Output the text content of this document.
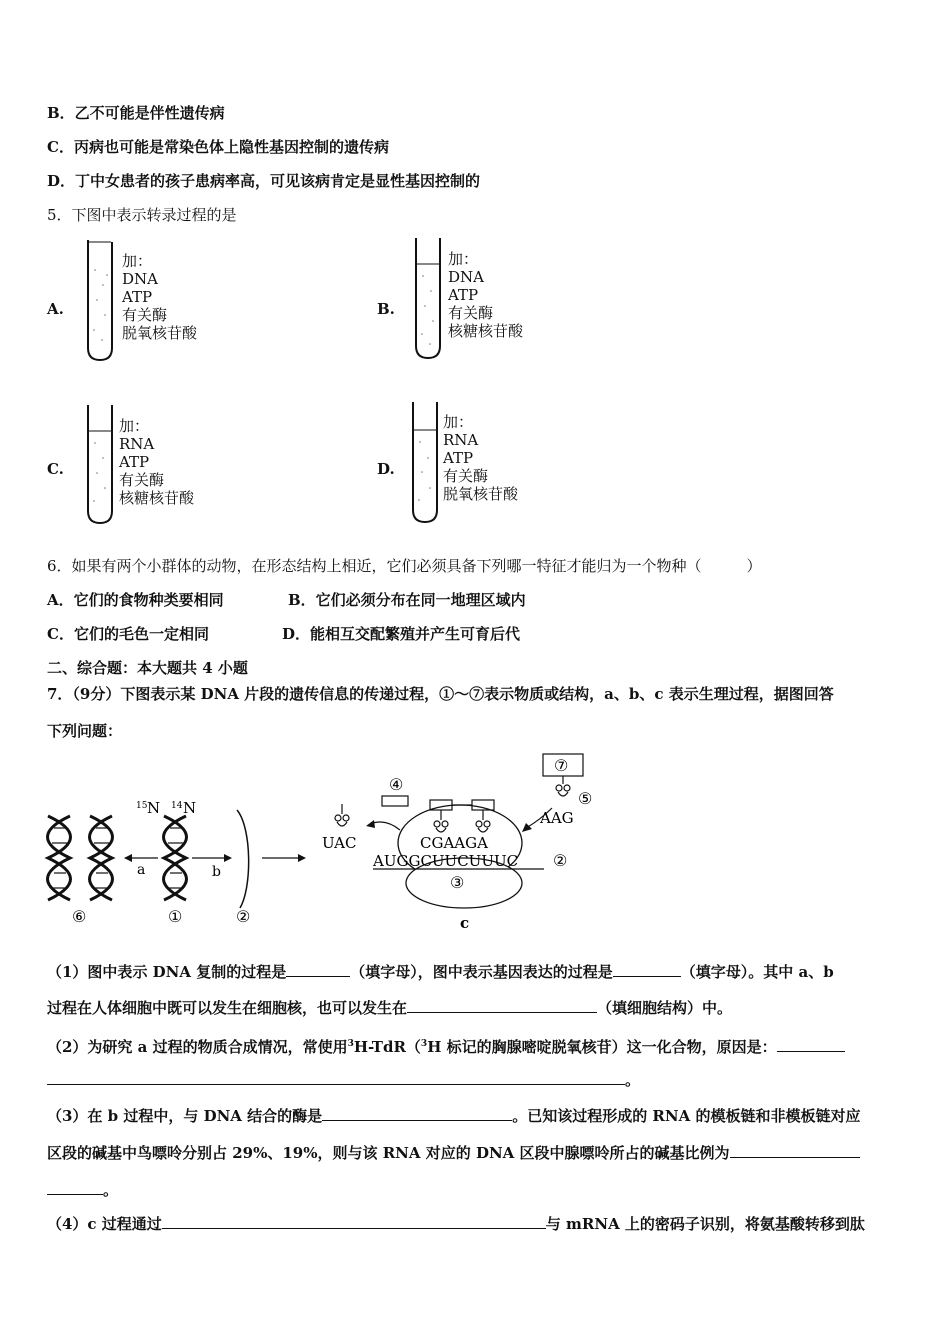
B．乙不可能是伴性遗传病
C．丙病也可能是常染色体上隐性基因控制的遗传病
D．丁中女患者的孩子患病率高，可见该病肯定是显性基因控制的
5．下图中表示转录过程的是
A.
加：
DNA
ATP
有关酶
脱氧核苷酸
B.
加：
DNA
ATP
有关酶
核糖核苷酸
C.
加：
RNA
ATP
有关酶
核糖核苷酸
D.
加：
RNA
ATP
有关酶
脱氧核苷酸
6．如果有两个小群体的动物，在形态结构上相近，它们必须具备下列哪一特征才能归为一个物种（　　　）
A．它们的食物种类要相同	B．它们必须分布在同一地理区域内
C．它们的毛色一定相同	D．能相互交配繁殖并产生可育后代
二、综合题：本大题共 4 小题
7．（9分）下图表示某 DNA 片段的遗传信息的传递过程，①～⑦表示物质或结构，a、b、c 表示生理过程，据图回答
下列问题：
15 N 14 N
a	b
⑥	①	②
③
④
UAC
⑦
⑤
AAG
CGAAGA
AUGGCUUCUUUC ②
c
（1）图中表示 DNA 复制的过程是	（填字母），图中表示基因表达的过程是	（填字母）。其中 a、b
过程在人体细胞中既可以发生在细胞核，也可以发生在	（填细胞结构）中。
（2）为研究 a 过程的物质合成情况，常使用$^3$H-TdR（$^3$H 标记的胸腺嘧啶脱氧核苷）这一化合物，原因是：
。
（3）在 b 过程中，与 DNA 结合的酶是	。已知该过程形成的 RNA 的模板链和非模板链对应
区段的碱基中鸟嘌呤分别占 29%、19%，则与该 RNA 对应的 DNA 区段中腺嘌呤所占的碱基比例为
。
（4）c 过程通过	与 mRNA 上的密码子识别，将氨基酸转移到肽
